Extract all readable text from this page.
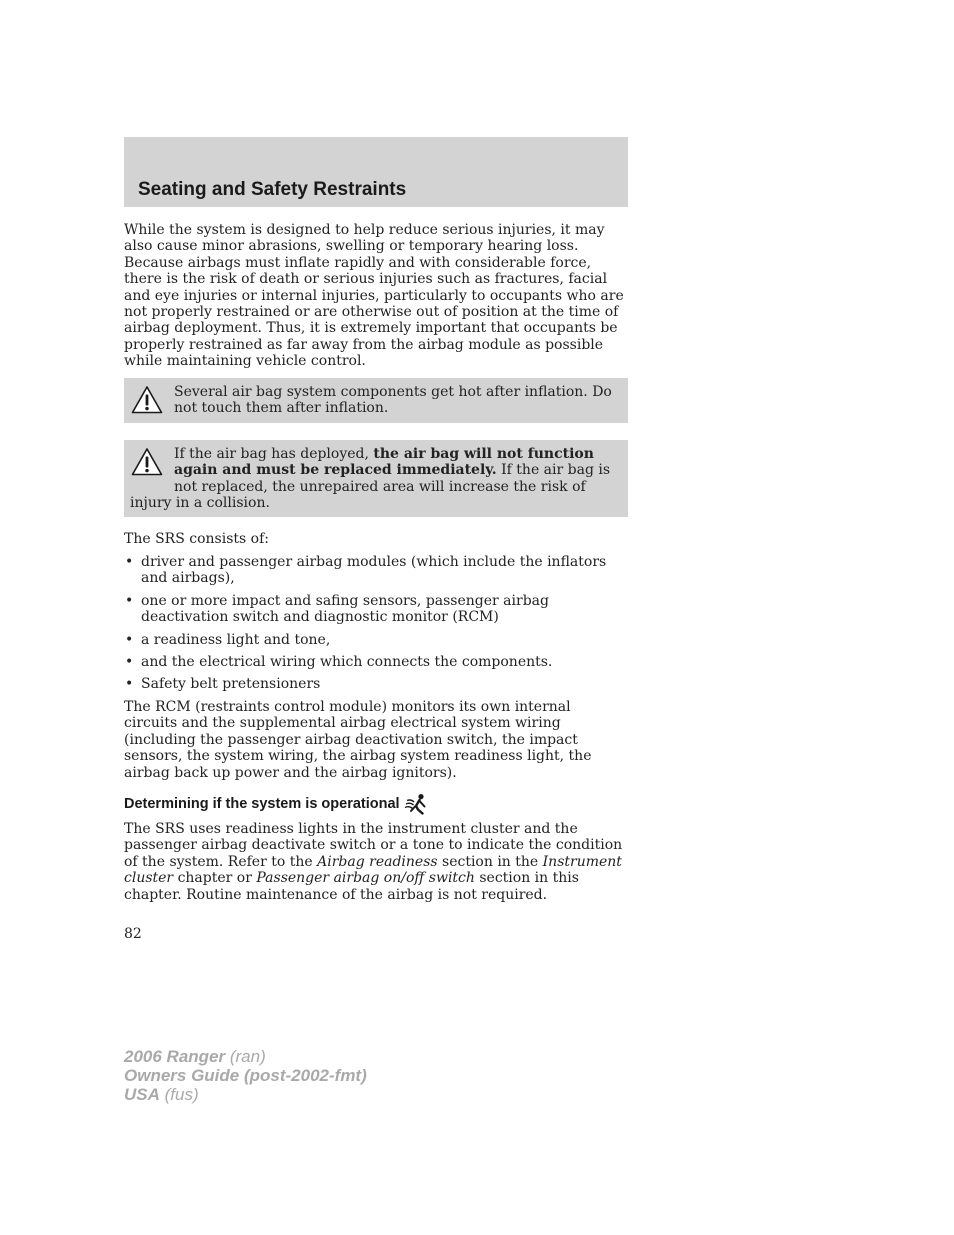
Seating and Safety Restraints

While the system is designed to help reduce serious injuries, it may also cause minor abrasions, swelling or temporary hearing loss. Because airbags must inflate rapidly and with considerable force, there is the risk of death or serious injuries such as fractures, facial and eye injuries or internal injuries, particularly to occupants who are not properly restrained or are otherwise out of position at the time of airbag deployment. Thus, it is extremely important that occupants be properly restrained as far away from the airbag module as possible while maintaining vehicle control.

Several air bag system components get hot after inflation. Do not touch them after inflation.

If the air bag has deployed, the air bag will not function again and must be replaced immediately. If the air bag is not replaced, the unrepaired area will increase the risk of injury in a collision.

The SRS consists of:

• driver and passenger airbag modules (which include the inflators and airbags),
• one or more impact and safing sensors, passenger airbag deactivation switch and diagnostic monitor (RCM)
• a readiness light and tone,
• and the electrical wiring which connects the components.
• Safety belt pretensioners

The RCM (restraints control module) monitors its own internal circuits and the supplemental airbag electrical system wiring (including the passenger airbag deactivation switch, the impact sensors, the system wiring, the airbag system readiness light, the airbag back up power and the airbag ignitors).

Determining if the system is operational

The SRS uses readiness lights in the instrument cluster and the passenger airbag deactivate switch or a tone to indicate the condition of the system. Refer to the Airbag readiness section in the Instrument cluster chapter or Passenger airbag on/off switch section in this chapter. Routine maintenance of the airbag is not required.

82

2006 Ranger (ran)
Owners Guide (post-2002-fmt)
USA (fus)
